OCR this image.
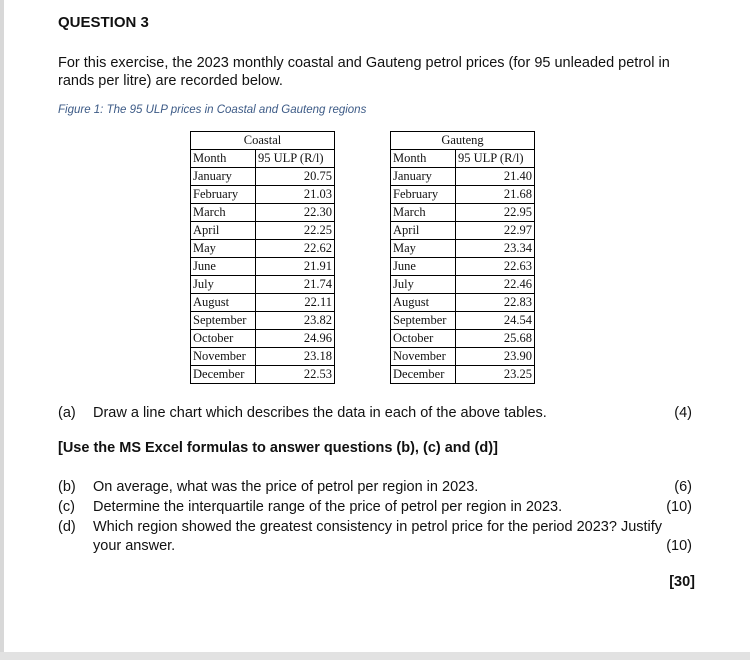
QUESTION 3
For this exercise, the 2023 monthly coastal and Gauteng petrol prices (for 95 unleaded petrol in rands per litre) are recorded below.
Figure 1: The 95 ULP prices in Coastal and Gauteng regions
Coastal	
Month	95 ULP (R/l)
January	20.75
February	21.03
March	22.30
April	22.25
May	22.62
June	21.91
July	21.74
August	22.11
September	23.82
October	24.96
November	23.18
December	22.53
Gauteng	
Month	95 ULP (R/l)
January	21.40
February	21.68
March	22.95
April	22.97
May	23.34
June	22.63
July	22.46
August	22.83
September	24.54
October	25.68
November	23.90
December	23.25
(a) Draw a line chart which describes the data in each of the above tables.	(4)
[Use the MS Excel formulas to answer questions (b), (c) and (d)]
(b) On average, what was the price of petrol per region in 2023.	(6)
(c) Determine the interquartile range of the price of petrol per region in 2023.	(10)
(d) Which region showed the greatest consistency in petrol price for the period 2023? Justify
your answer.	(10)
[30]
